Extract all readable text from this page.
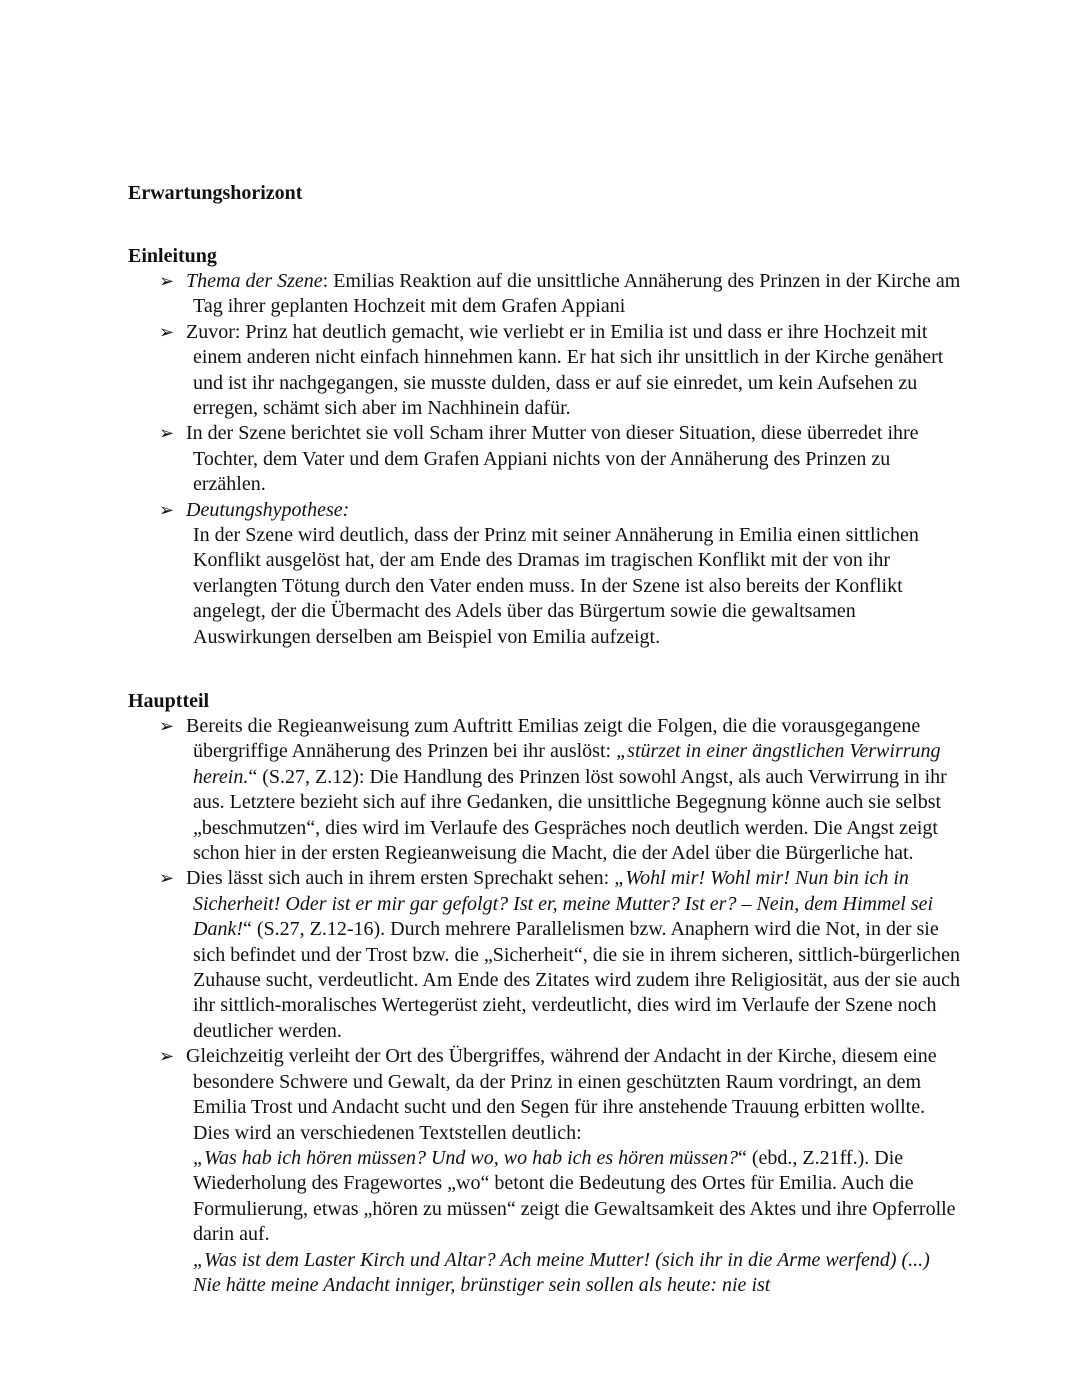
Erwartungshorizont
Einleitung
➢ Thema der Szene: Emilias Reaktion auf die unsittliche Annäherung des Prinzen in der Kirche am Tag ihrer geplanten Hochzeit mit dem Grafen Appiani
➢ Zuvor: Prinz hat deutlich gemacht, wie verliebt er in Emilia ist und dass er ihre Hochzeit mit einem anderen nicht einfach hinnehmen kann. Er hat sich ihr unsittlich in der Kirche genähert und ist ihr nachgegangen, sie musste dulden, dass er auf sie einredet, um kein Aufsehen zu erregen, schämt sich aber im Nachhinein dafür.
➢ In der Szene berichtet sie voll Scham ihrer Mutter von dieser Situation, diese überredet ihre Tochter, dem Vater und dem Grafen Appiani nichts von der Annäherung des Prinzen zu erzählen.
➢ Deutungshypothese:
In der Szene wird deutlich, dass der Prinz mit seiner Annäherung in Emilia einen sittlichen Konflikt ausgelöst hat, der am Ende des Dramas im tragischen Konflikt mit der von ihr verlangten Tötung durch den Vater enden muss. In der Szene ist also bereits der Konflikt angelegt, der die Übermacht des Adels über das Bürgertum sowie die gewaltsamen Auswirkungen derselben am Beispiel von Emilia aufzeigt.
Hauptteil
➢ Bereits die Regieanweisung zum Auftritt Emilias zeigt die Folgen, die die vorausgegangene übergriffige Annäherung des Prinzen bei ihr auslöst: „stürzet in einer ängstlichen Verwirrung herein.“ (S.27, Z.12): Die Handlung des Prinzen löst sowohl Angst, als auch Verwirrung in ihr aus. Letztere bezieht sich auf ihre Gedanken, die unsittliche Begegnung könne auch sie selbst „beschmutzen“, dies wird im Verlaufe des Gespräches noch deutlich werden. Die Angst zeigt schon hier in der ersten Regieanweisung die Macht, die der Adel über die Bürgerliche hat.
➢ Dies lässt sich auch in ihrem ersten Sprechakt sehen: „Wohl mir! Wohl mir! Nun bin ich in Sicherheit! Oder ist er mir gar gefolgt? Ist er, meine Mutter? Ist er? – Nein, dem Himmel sei Dank!“ (S.27, Z.12-16). Durch mehrere Parallelismen bzw. Anaphern wird die Not, in der sie sich befindet und der Trost bzw. die „Sicherheit“, die sie in ihrem sicheren, sittlich-bürgerlichen Zuhause sucht, verdeutlicht. Am Ende des Zitates wird zudem ihre Religiosität, aus der sie auch ihr sittlich-moralisches Wertegerüst zieht, verdeutlicht, dies wird im Verlaufe der Szene noch deutlicher werden.
➢ Gleichzeitig verleiht der Ort des Übergriffes, während der Andacht in der Kirche, diesem eine besondere Schwere und Gewalt, da der Prinz in einen geschützten Raum vordringt, an dem Emilia Trost und Andacht sucht und den Segen für ihre anstehende Trauung erbitten wollte. Dies wird an verschiedenen Textstellen deutlich:
„Was hab ich hören müssen? Und wo, wo hab ich es hören müssen?“ (ebd., Z.21ff.). Die Wiederholung des Fragewortes „wo“ betont die Bedeutung des Ortes für Emilia. Auch die Formulierung, etwas „hören zu müssen“ zeigt die Gewaltsamkeit des Aktes und ihre Opferrolle darin auf.
„Was ist dem Laster Kirch und Altar? Ach meine Mutter! (sich ihr in die Arme werfend) (...) Nie hätte meine Andacht inniger, brünstiger sein sollen als heute: nie ist
